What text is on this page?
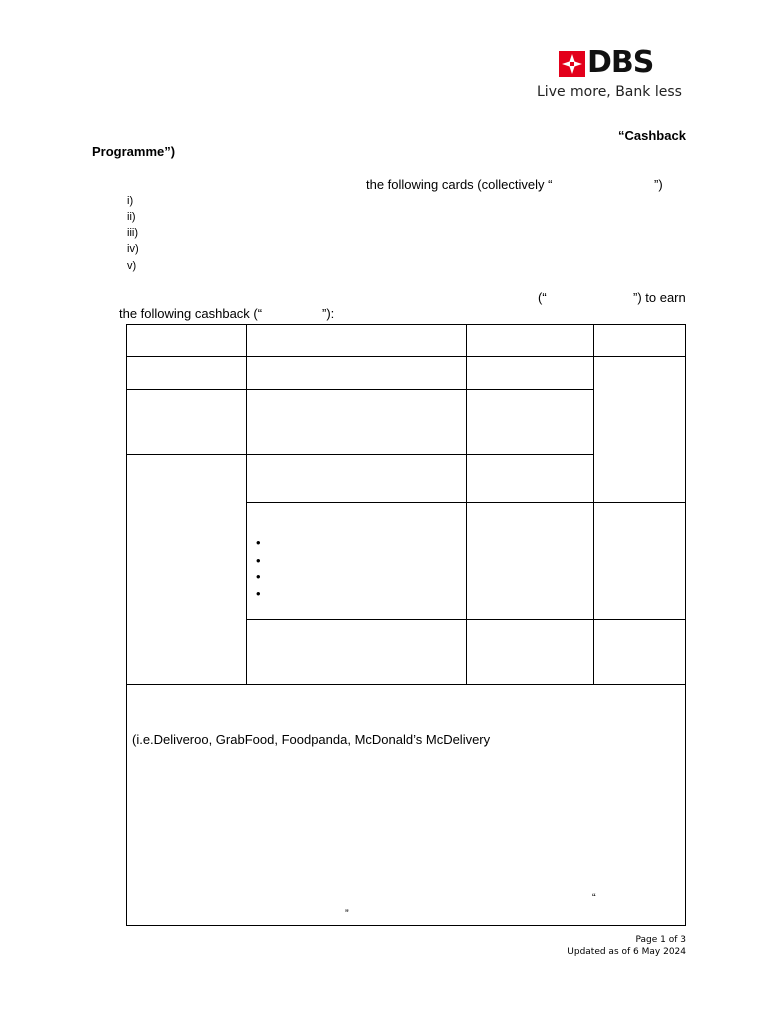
DBS
Live more, Bank less
“Cashback
Programme”)
the following cards (collectively “	”)
i)
ii)
iii)
iv)
v)
(“	”) to earn
the following cashback (“	”):
•
•
•
•
(i.e.Deliveroo, GrabFood, Foodpanda, McDonald’s McDelivery
“
”
Page 1 of 3
Updated as of 6 May 2024
